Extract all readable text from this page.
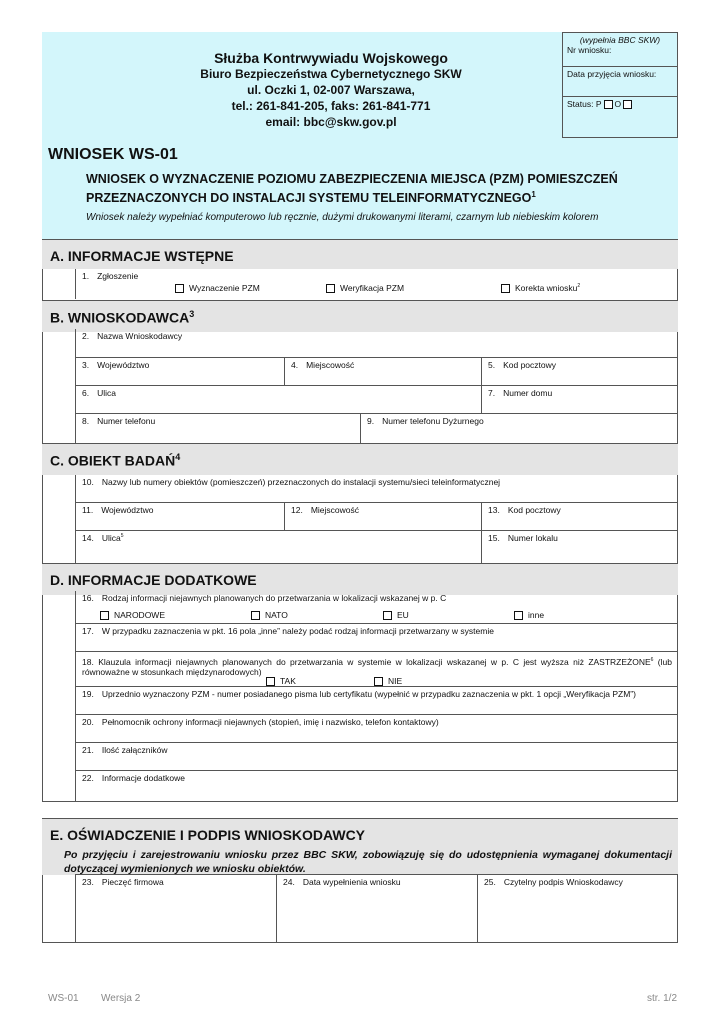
Służba Kontrwywiadu Wojskowego
Biuro Bezpieczeństwa Cybernetycznego SKW
ul. Oczki 1, 02-007 Warszawa,
tel.: 261-841-205, faks: 261-841-771
email: bbc@skw.gov.pl
(wypełnia BBC SKW)
Nr wniosku:
Data przyjęcia wniosku:
Status: P O
WNIOSEK WS-01
WNIOSEK O WYZNACZENIE POZIOMU ZABEZPIECZENIA MIEJSCA (PZM) POMIESZCZEŃ PRZEZNACZONYCH DO INSTALACJI SYSTEMU TELEINFORMATYCZNEGO$^1$
Wniosek należy wypełniać komputerowo lub ręcznie, dużymi drukowanymi literami, czarnym lub niebieskim kolorem
A. INFORMACJE WSTĘPNE
1. Zgłoszenie
Wyznaczenie PZM	Weryfikacja PZM	Korekta wniosku$^2$
B. WNIOSKODAWCA$^3$
2. Nazwa Wnioskodawcy
3. Województwo	4. Miejscowość	5. Kod pocztowy
6. Ulica	7. Numer domu
8. Numer telefonu	9. Numer telefonu Dyżurnego
C. OBIEKT BADAŃ$^4$
10. Nazwy lub numery obiektów (pomieszczeń) przeznaczonych do instalacji systemu/sieci teleinformatycznej
11. Województwo	12. Miejscowość	13. Kod pocztowy
14. Ulica$^5$	15. Numer lokalu
D. INFORMACJE DODATKOWE
16. Rodzaj informacji niejawnych planowanych do przetwarzania w lokalizacji wskazanej w p. C
NARODOWE	NATO	EU	inne
17. W przypadku zaznaczenia w pkt. 16 pola „inne” należy podać rodzaj informacji przetwarzany w systemie
18. Klauzula informacji niejawnych planowanych do przetwarzania w systemie w lokalizacji wskazanej w p. C jest wyższa niż ZASTRZEŻONE$^6$ (lub równoważne w stosunkach międzynarodowych)
TAK	NIE
19. Uprzednio wyznaczony PZM - numer posiadanego pisma lub certyfikatu (wypełnić w przypadku zaznaczenia w pkt. 1 opcji „Weryfikacja PZM”)
20. Pełnomocnik ochrony informacji niejawnych (stopień, imię i nazwisko, telefon kontaktowy)
21. Ilość załączników
22. Informacje dodatkowe
E. OŚWIADCZENIE I PODPIS WNIOSKODAWCY
Po przyjęciu i zarejestrowaniu wniosku przez BBC SKW, zobowiązuję się do udostępnienia wymaganej dokumentacji dotyczącej wymienionych we wniosku obiektów.
23. Pieczęć firmowa	24. Data wypełnienia wniosku	25. Czytelny podpis Wnioskodawcy
WS-01 Wersja 2	str. 1/2
